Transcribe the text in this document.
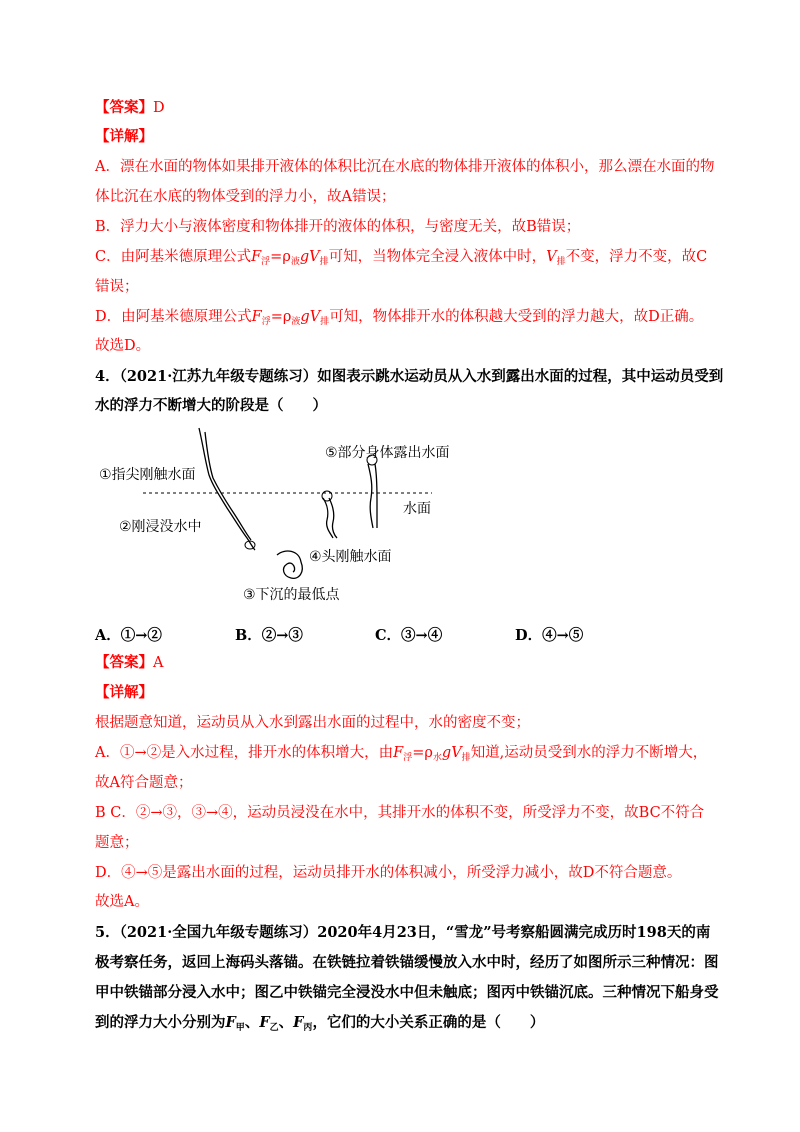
【答案】D
【详解】
A．漂在水面的物体如果排开液体的体积比沉在水底的物体排开液体的体积小，那么漂在水面的物
体比沉在水底的物体受到的浮力小，故A错误；
B．浮力大小与液体密度和物体排开的液体的体积，与密度无关，故B错误；
C．由阿基米德原理公式$F_浮=\rho_液gV_排$可知，当物体完全浸入液体中时，$V_排$不变，浮力不变，故C
错误；
D．由阿基米德原理公式$F_浮=\rho_液gV_排$可知，物体排开水的体积越大受到的浮力越大，故D正确。
故选D。
4．（2021·江苏九年级专题练习）如图表示跳水运动员从入水到露出水面的过程，其中运动员受到
水的浮力不断增大的阶段是（　　）
①指尖刚触水面
②刚浸没水中
③下沉的最低点
④头刚触水面
⑤部分身体露出水面
水面
A．①→②	B．②→③	C．③→④	D．④→⑤
【答案】A
【详解】
根据题意知道，运动员从入水到露出水面的过程中，水的密度不变；
A．①→②是入水过程，排开水的体积增大，由$F_浮=\rho_水gV_排$知道,运动员受到水的浮力不断增大，
故A符合题意；
B C．②→③，③→④，运动员浸没在水中，其排开水的体积不变，所受浮力不变，故BC不符合
题意；
D．④→⑤是露出水面的过程，运动员排开水的体积减小，所受浮力减小，故D不符合题意。
故选A。
5．（2021·全国九年级专题练习）2020年4月23日，“雪龙”号考察船圆满完成历时198天的南
极考察任务，返回上海码头落锚。在铁链拉着铁锚缓慢放入水中时，经历了如图所示三种情况：图
甲中铁锚部分浸入水中；图乙中铁锚完全浸没水中但未触底；图丙中铁锚沉底。三种情况下船身受
到的浮力大小分别为$F_甲$、$F_乙$、$F_丙$，它们的大小关系正确的是（　　）
